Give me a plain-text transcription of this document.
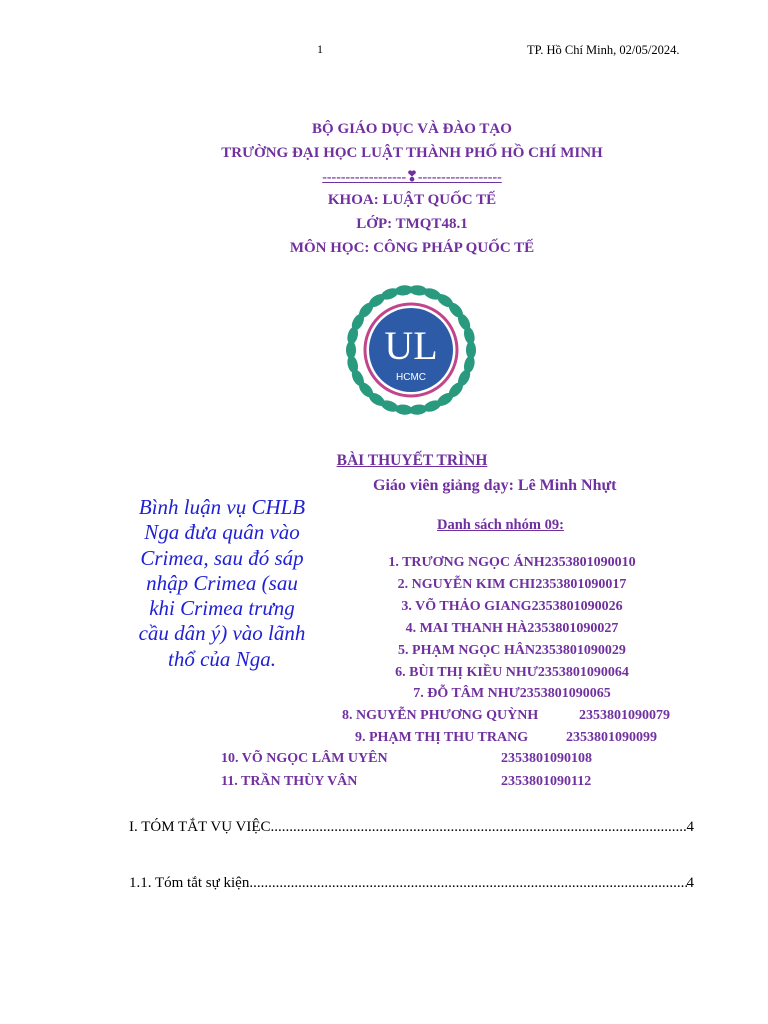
1	TP. Hồ Chí Minh, 02/05/2024.
BỘ GIÁO DỤC VÀ ĐÀO TẠO
TRƯỜNG ĐẠI HỌC LUẬT THÀNH PHỐ HỒ CHÍ MINH
------------------❣︎︎------------------
KHOA: LUẬT QUỐC TẾ
LỚP: TMQT48.1
MÔN HỌC: CÔNG PHÁP QUỐC TẾ
UL
HCMC
BÀI THUYẾT TRÌNH
Giáo viên giảng dạy: Lê Minh Nhựt
Bình luận vụ CHLB Nga đưa quân vào Crimea, sau đó sáp nhập Crimea (sau khi Crimea trưng cầu dân ý) vào lãnh thổ của Nga.
Danh sách nhóm 09:
1. TRƯƠNG NGỌC ÁNH2353801090010
2. NGUYỄN KIM CHI2353801090017
3. VÕ THẢO GIANG2353801090026
4. MAI THANH HÀ2353801090027
5. PHẠM NGỌC HÂN2353801090029
6. BÙI THỊ KIỀU NHƯ2353801090064
7. ĐỖ TÂM NHƯ2353801090065
8. NGUYỄN PHƯƠNG QUỲNH	2353801090079
9. PHẠM THỊ THU TRANG	2353801090099
10. VÕ NGỌC LÂM UYÊN	2353801090108
11. TRẦN THÙY VÂN	2353801090112
I. TÓM TẮT VỤ VIỆC .....	4
1.1. Tóm tắt sự kiện .....	4
